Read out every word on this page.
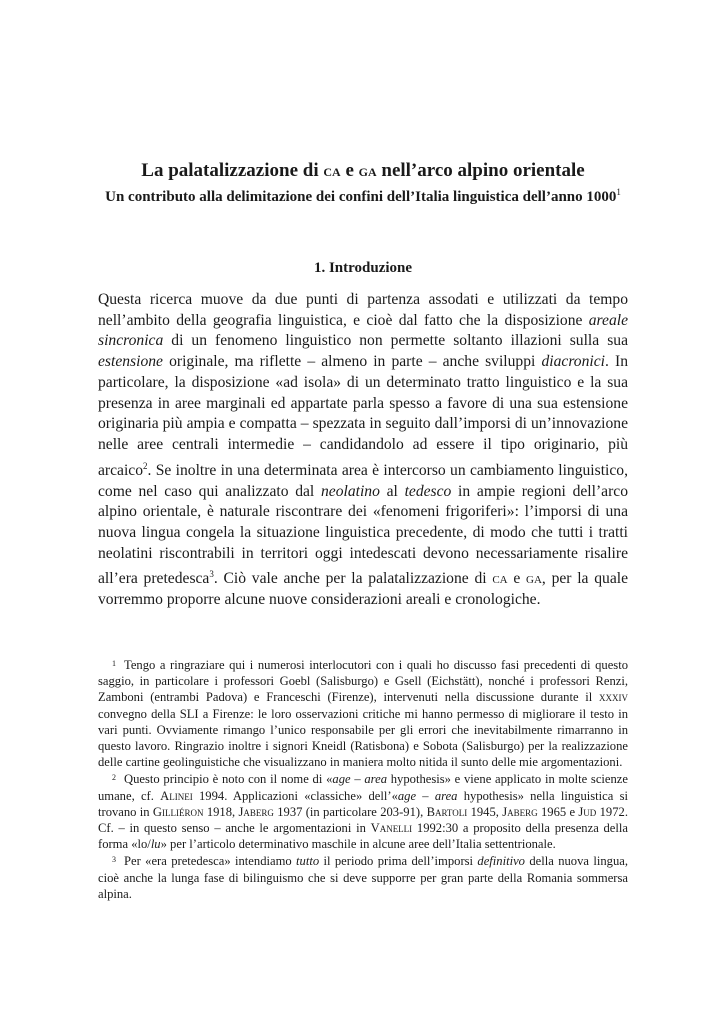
La palatalizzazione di ca e ga nell’arco alpino orientale
Un contributo alla delimitazione dei confini dell’Italia linguistica dell’anno 1000$^1$
1. Introduzione

Questa ricerca muove da due punti di partenza assodati e utilizzati da tempo nell’ambito della geografia linguistica, e cioè dal fatto che la disposizione areale sincronica di un fenomeno linguistico non permette soltanto illazioni sulla sua estensione originale, ma riflette – almeno in parte – anche sviluppi diacronici. In particolare, la disposizione «ad isola» di un determinato tratto linguistico e la sua presenza in aree marginali ed appartate parla spesso a favore di una sua estensione originaria più ampia e compatta – spezzata in seguito dall’imporsi di un’innovazione nelle aree centrali intermedie – candidandolo ad essere il tipo originario, più arcaico$^2$. Se inoltre in una determinata area è intercorso un cambiamento linguistico, come nel caso qui analizzato dal neolatino al tedesco in ampie regioni dell’arco alpino orientale, è naturale riscontrare dei «fenomeni frigoriferi»: l’imporsi di una nuova lingua congela la situazione linguistica precedente, di modo che tutti i tratti neolatini riscontrabili in territori oggi intedescati devono necessariamente risalire all’era pretedesca$^3$. Ciò vale anche per la palatalizzazione di ca e ga, per la quale vorremmo proporre alcune nuove considerazioni areali e cronologiche.

$^1$ Tengo a ringraziare qui i numerosi interlocutori con i quali ho discusso fasi precedenti di questo saggio, in particolare i professori Goebl (Salisburgo) e Gsell (Eichstätt), nonché i professori Renzi, Zamboni (entrambi Padova) e Franceschi (Firenze), intervenuti nella discussione durante il xxxiv convegno della SLI a Firenze: le loro osservazioni critiche mi hanno permesso di migliorare il testo in vari punti. Ovviamente rimango l’unico responsabile per gli errori che inevitabilmente rimarranno in questo lavoro. Ringrazio inoltre i signori Kneidl (Ratisbona) e Sobota (Salisburgo) per la realizzazione delle cartine geolinguistiche che visualizzano in maniera molto nitida il sunto delle mie argomentazioni.

$^2$ Questo principio è noto con il nome di «age – area hypothesis» e viene applicato in molte scienze umane, cf. Alinei 1994. Applicazioni «classiche» dell’«age – area hypothesis» nella linguistica si trovano in Gilliéron 1918, Jaberg 1937 (in particolare 203-91), Bartoli 1945, Jaberg 1965 e Jud 1972. Cf. – in questo senso – anche le argomentazioni in Vanelli 1992:30 a proposito della presenza della forma «lo/lu» per l’articolo determinativo maschile in alcune aree dell’Italia settentrionale.

$^3$ Per «era pretedesca» intendiamo tutto il periodo prima dell’imporsi definitivo della nuova lingua, cioè anche la lunga fase di bilinguismo che si deve supporre per gran parte della Romania sommersa alpina.
